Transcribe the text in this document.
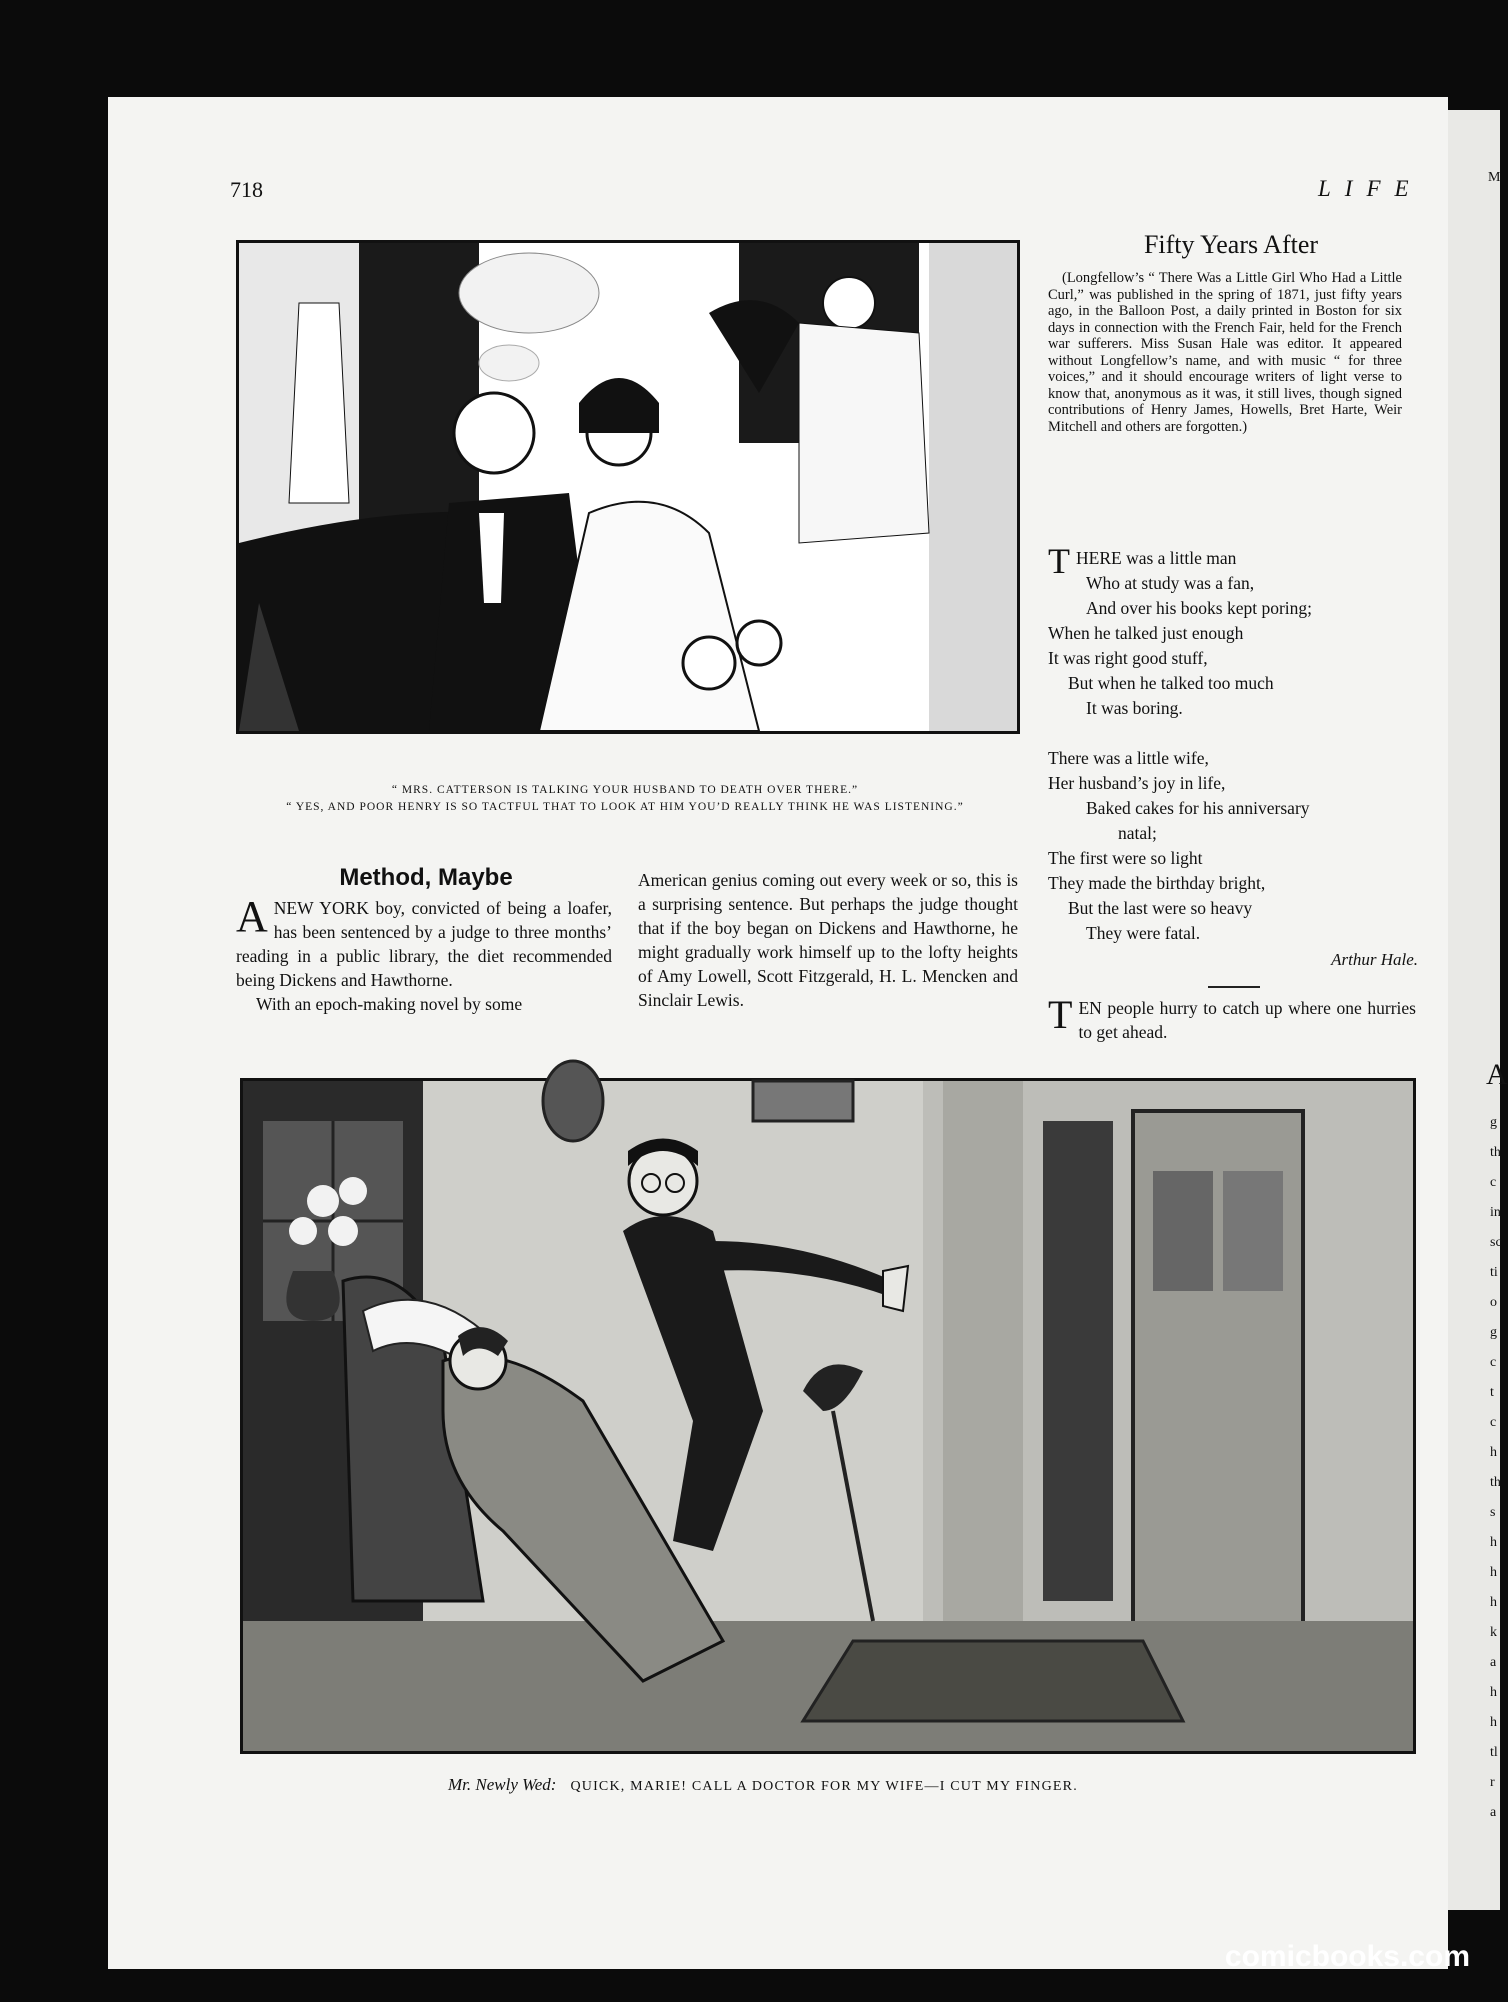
718	LIFE
“ MRS. CATTERSON IS TALKING YOUR HUSBAND TO DEATH OVER THERE.”
“ YES, AND POOR HENRY IS SO TACTFUL THAT TO LOOK AT HIM YOU’D REALLY THINK HE WAS LISTENING.”
Fifty Years After
(Longfellow’s “ There Was a Little Girl Who Had a Little Curl,” was published in the spring of 1871, just fifty years ago, in the Balloon Post, a daily printed in Boston for six days in connection with the French Fair, held for the French war sufferers. Miss Susan Hale was editor. It appeared without Longfellow’s name, and with music “ for three voices,” and it should encourage writers of light verse to know that, anonymous as it was, it still lives, though signed contributions of Henry James, Howells, Bret Harte, Weir Mitchell and others are forgotten.)
THERE was a little man
Who at study was a fan,
And over his books kept poring;
When he talked just enough
It was right good stuff,
But when he talked too much
It was boring.
There was a little wife,
Her husband’s joy in life,
Baked cakes for his anniversary
natal;
The first were so light
They made the birthday bright,
But the last were so heavy
They were fatal.
Arthur Hale.
TEN people hurry to catch up where one hurries to get ahead.
Method, Maybe

ANEW YORK boy, convicted of being a loafer, has been sentenced by a judge to three months’ reading in a public library, the diet recommended being Dickens and Hawthorne.

With an epoch-making novel by some

American genius coming out every week or so, this is a surprising sentence. But perhaps the judge thought that if the boy began on Dickens and Hawthorne, he might gradually work himself up to the lofty heights of Amy Lowell, Scott Fitzgerald, H. L. Mencken and Sinclair Lewis.

Mr. Newly Wed: QUICK, MARIE! CALL A DOCTOR FOR MY WIFE—I CUT MY FINGER.
M
A
g
th
c
in
sc
ti
o
g
c
t
c
h
th
s
h
h
h
k
a
h
h
tl
r
a
comicbooks.com
